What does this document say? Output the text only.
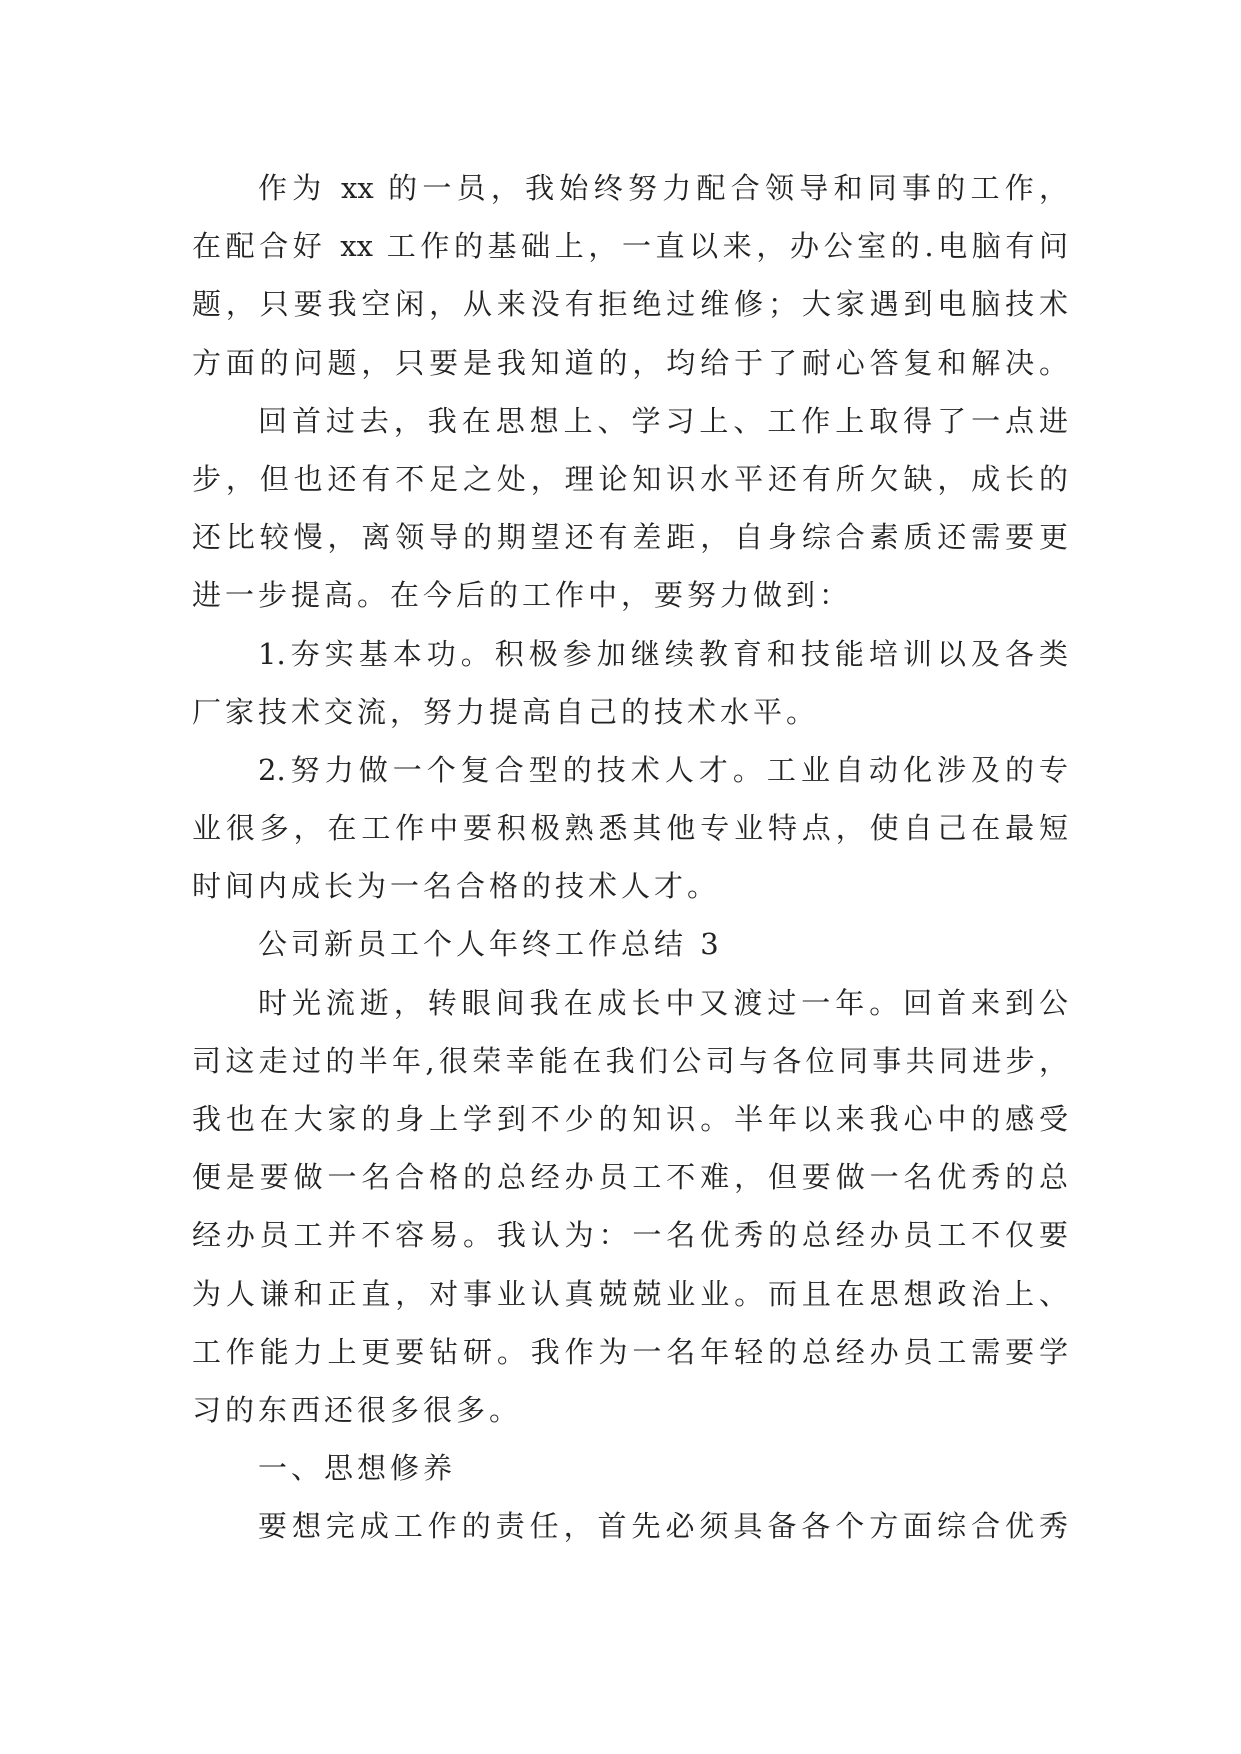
作为 xx 的一员，我始终努力配合领导和同事的工作，
在配合好 xx 工作的基础上，一直以来，办公室的.电脑有问
题，只要我空闲，从来没有拒绝过维修；大家遇到电脑技术
方面的问题，只要是我知道的，均给于了耐心答复和解决。
回首过去，我在思想上、学习上、工作上取得了一点进
步，但也还有不足之处，理论知识水平还有所欠缺，成长的
还比较慢，离领导的期望还有差距，自身综合素质还需要更
进一步提高。在今后的工作中，要努力做到：
1.夯实基本功。积极参加继续教育和技能培训以及各类
厂家技术交流，努力提高自己的技术水平。
2.努力做一个复合型的技术人才。工业自动化涉及的专
业很多，在工作中要积极熟悉其他专业特点，使自己在最短
时间内成长为一名合格的技术人才。
公司新员工个人年终工作总结 3
时光流逝，转眼间我在成长中又渡过一年。回首来到公
司这走过的半年,很荣幸能在我们公司与各位同事共同进步，
我也在大家的身上学到不少的知识。半年以来我心中的感受
便是要做一名合格的总经办员工不难，但要做一名优秀的总
经办员工并不容易。我认为：一名优秀的总经办员工不仅要
为人谦和正直，对事业认真兢兢业业。而且在思想政治上、
工作能力上更要钻研。我作为一名年轻的总经办员工需要学
习的东西还很多很多。
一、思想修养
要想完成工作的责任，首先必须具备各个方面综合优秀
